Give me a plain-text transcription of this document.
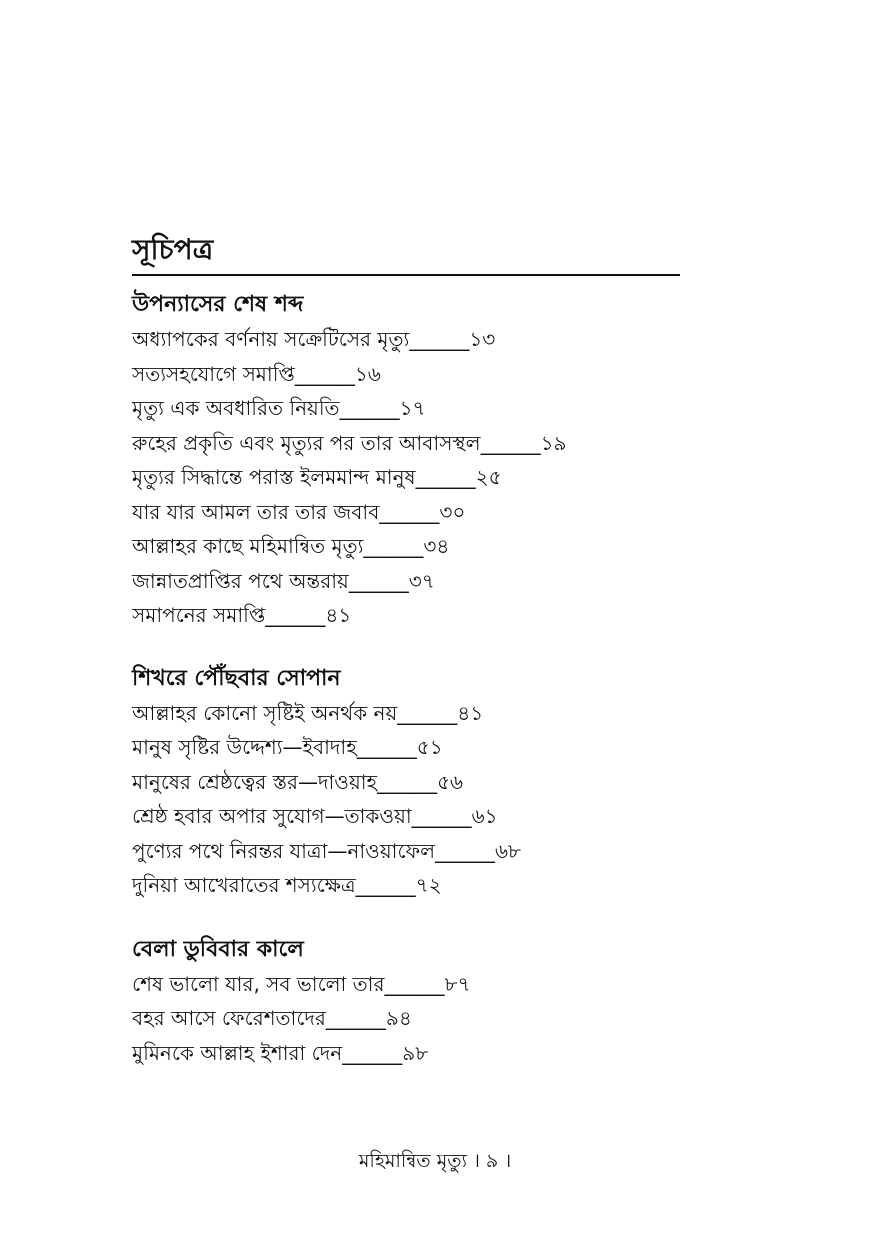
সূচিপত্র
উপন্যাসের শেষ শব্দ
অধ্যাপকের বর্ণনায় সক্রেটিসের মৃত্যু______১৩
সত্যসহযোগে সমাপ্তি______১৬
মৃত্যু এক অবধারিত নিয়তি______১৭
রুহের প্রকৃতি এবং মৃত্যুর পর তার আবাসস্থল______১৯
মৃত্যুর সিদ্ধান্তে পরাস্ত ইলমমান্দ মানুষ______২৫
যার যার আমল তার তার জবাব______৩০
আল্লাহর কাছে মহিমান্বিত মৃত্যু______৩৪
জান্নাতপ্রাপ্তির পথে অন্তরায়______৩৭
সমাপনের সমাপ্তি______৪১
শিখরে পৌঁছবার সোপান
আল্লাহর কোনো সৃষ্টিই অনর্থক নয়______৪১
মানুষ সৃষ্টির উদ্দেশ্য—ইবাদাহ______৫১
মানুষের শ্রেষ্ঠত্বের স্তর—দাওয়াহ______৫৬
শ্রেষ্ঠ হবার অপার সুযোগ—তাকওয়া______৬১
পুণ্যের পথে নিরন্তর যাত্রা—নাওয়াফেল______৬৮
দুনিয়া আখেরাতের শস্যক্ষেত্র______৭২
বেলা ডুবিবার কালে
শেষ ভালো যার, সব ভালো তার______৮৭
বহর আসে ফেরেশতাদের______৯৪
মুমিনকে আল্লাহ ইশারা দেন______৯৮
মহিমান্বিত মৃত্যু । ৯ ।
